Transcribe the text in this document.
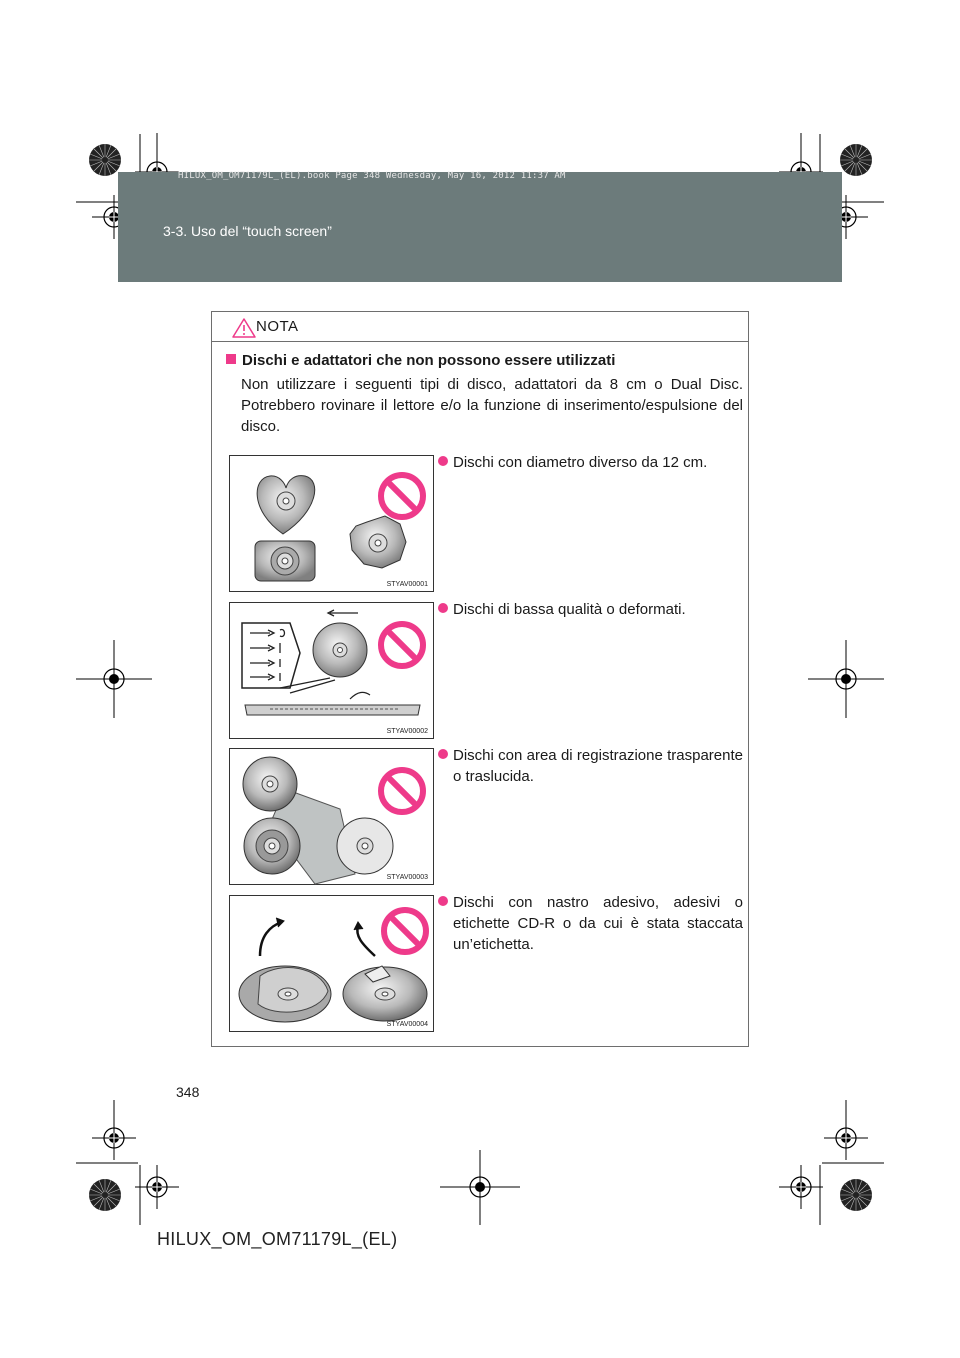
HILUX_OM_OM71179L_(EL).book Page 348 Wednesday, May 16, 2012 11:37 AM
3-3. Uso del “touch screen”
NOTA
Dischi e adattatori che non possono essere utilizzati
Non utilizzare i seguenti tipi di disco, adattatori da 8 cm o Dual Disc. Potrebbero rovinare il lettore e/o la funzione di inserimento/espulsione del disco.
STYAV00001
Dischi con diametro diverso da 12 cm.
STYAV00002
Dischi di bassa qualità o deformati.
STYAV00003
Dischi con area di registrazione trasparente o traslucida.
STYAV00004
Dischi con nastro adesivo, adesivi o etichette CD-R o da cui è stata staccata
un’etichetta.
348
HILUX_OM_OM71179L_(EL)
